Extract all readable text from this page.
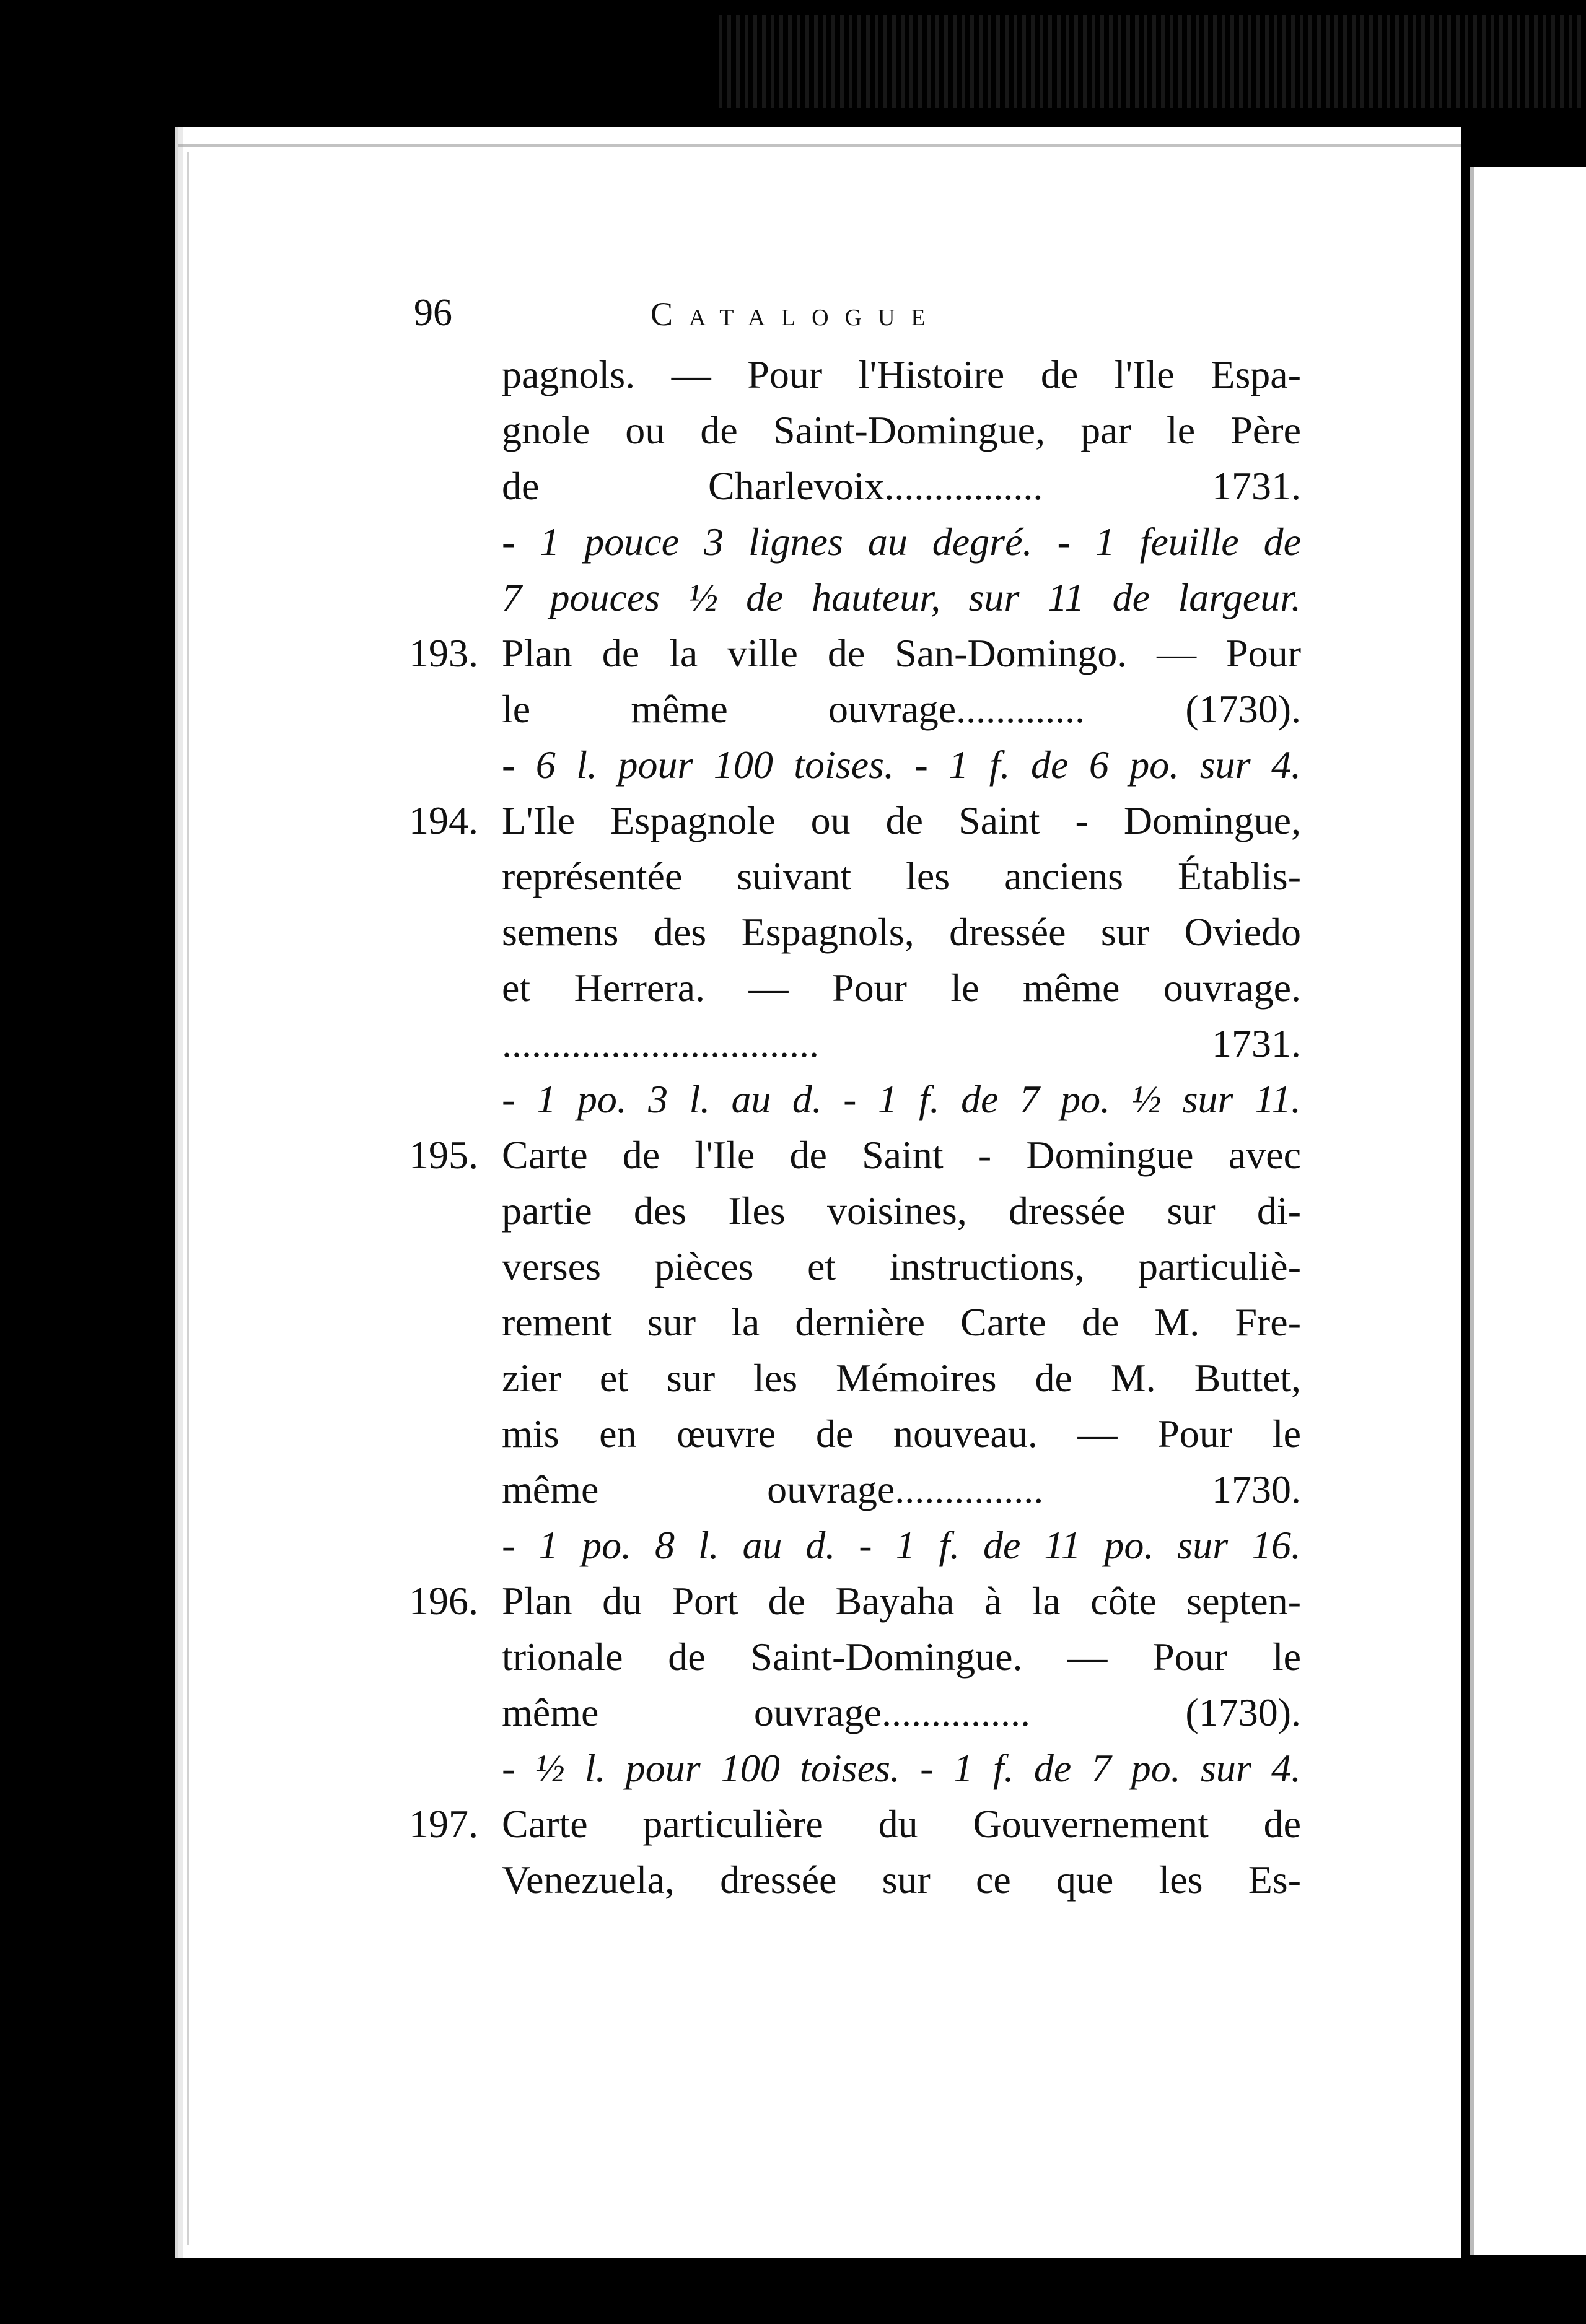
96	Catalogue
pagnols. — Pour l'Histoire de l'Ile Espa-
gnole ou de Saint-Domingue, par le Père
de Charlevoix................ 1731.
- 1 pouce 3 lignes au degré. - 1 feuille de
7 pouces ½ de hauteur, sur 11 de largeur.
193. Plan de la ville de San-Domingo. — Pour
le même ouvrage............. (1730).
- 6 l. pour 100 toises. - 1 f. de 6 po. sur 4.
194. L'Ile Espagnole ou de Saint - Domingue,
représentée suivant les anciens Établis-
semens des Espagnols, dressée sur Oviedo
et Herrera. — Pour le même ouvrage.
................................ 1731.
- 1 po. 3 l. au d. - 1 f. de 7 po. ½ sur 11.
195. Carte de l'Ile de Saint - Domingue avec
partie des Iles voisines, dressée sur di-
verses pièces et instructions, particuliè-
rement sur la dernière Carte de M. Fre-
zier et sur les Mémoires de M. Buttet,
mis en œuvre de nouveau. — Pour le
même ouvrage............... 1730.
- 1 po. 8 l. au d. - 1 f. de 11 po. sur 16.
196. Plan du Port de Bayaha à la côte septen-
trionale de Saint-Domingue. — Pour le
même ouvrage............... (1730).
- ½ l. pour 100 toises. - 1 f. de 7 po. sur 4.
197. Carte particulière du Gouvernement de
Venezuela, dressée sur ce que les Es-
